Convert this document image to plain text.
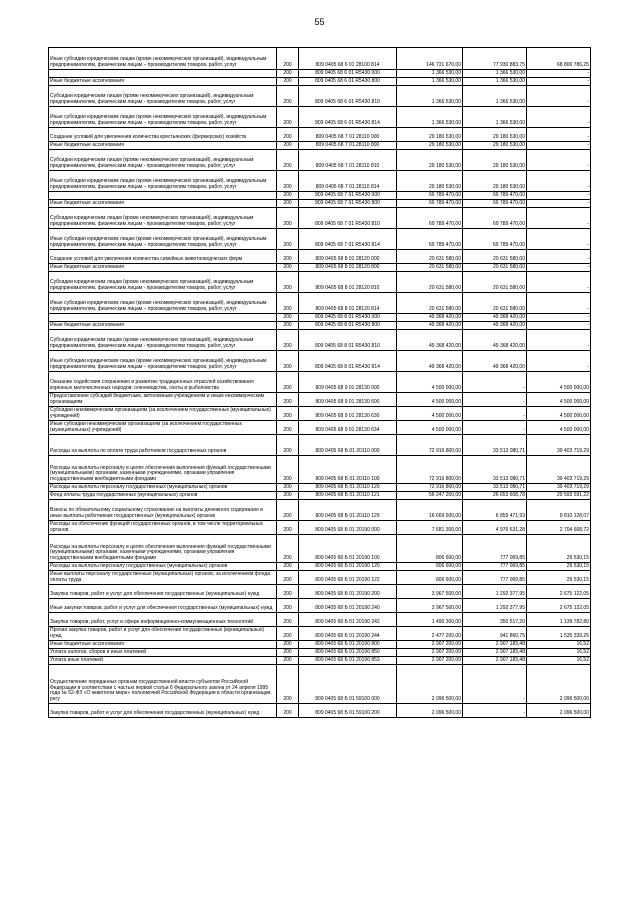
55
Иные субсидии юридическим лицам (кроме некоммерческих организаций), индивидуальным предпринимателям, физическим лицам – производителям товаров, работ, услуг	200	809 0405 68 6 01 28100 814	146 731 670,00	77 930 883,75	68 800 786,25
	200	809 0405 68 6 01 R5430 000	1 366 530,00	1 366 530,00	-
Иные бюджетные ассигнования	200	809 0405 68 6 01 R5430 800	1 366 530,00	1 366 530,00	-
Субсидии юридическим лицам (кроме некоммерческих организаций), индивидуальным предпринимателям, физическим лицам - производителям товаров, работ, услуг	200	809 0405 68 6 01 R5430 810	1 366 530,00	1 366 530,00	-
Иные субсидии юридическим лицам (кроме некоммерческих организаций), индивидуальным предпринимателям, физическим лицам – производителям товаров, работ, услуг	200	809 0405 68 6 01 R5430 814	1 366 530,00	1 366 530,00	-
Создание условий для увеличения количества крестьянских (фермерских) хозяйств	200	809 0405 68 7 01 28110 000	29 180 530,00	29 180 530,00	-
Иные бюджетные ассигнования	200	809 0405 68 7 01 28110 800	29 180 530,00	29 180 530,00	-
Субсидии юридическим лицам (кроме некоммерческих организаций), индивидуальным предпринимателям, физическим лицам - производителям товаров, работ, услуг	200	809 0405 68 7 01 28110 810	29 180 530,00	29 180 530,00	-
Иные субсидии юридическим лицам (кроме некоммерческих организаций), индивидуальным предпринимателям, физическим лицам – производителям товаров, работ, услуг	200	809 0405 68 7 01 28110 814	29 180 530,00	29 180 530,00	-
	200	809 0405 68 7 01 R5430 000	69 789 470,00	69 789 470,00	-
Иные бюджетные ассигнования	200	809 0405 68 7 01 R5430 800	69 789 470,00	69 789 470,00	-
Субсидии юридическим лицам (кроме некоммерческих организаций), индивидуальным предпринимателям, физическим лицам - производителям товаров, работ, услуг	200	809 0405 68 7 01 R5430 810	69 789 470,00	69 789 470,00	-
Иные субсидии юридическим лицам (кроме некоммерческих организаций), индивидуальным предпринимателям, физическим лицам – производителям товаров, работ, услуг	200	809 0405 68 7 01 R5430 814	69 789 470,00	69 789 470,00	-
Создание условий для увеличения количества семейных животноводческих ферм	200	809 0405 68 8 01 28120 000	20 631 580,00	20 631 580,00	-
Иные бюджетные ассигнования	200	809 0405 68 8 01 28120 800	20 631 580,00	20 631 580,00	-
Субсидии юридическим лицам (кроме некоммерческих организаций), индивидуальным предпринимателям, физическим лицам - производителям товаров, работ, услуг	200	809 0405 68 8 01 28120 810	20 631 580,00	20 631 580,00	-
Иные субсидии юридическим лицам (кроме некоммерческих организаций), индивидуальным предпринимателям, физическим лицам – производителям товаров, работ, услуг	200	809 0405 68 8 01 28120 814	20 631 580,00	20 631 580,00	-
	200	809 0405 68 8 01 R5430 000	49 368 420,00	49 368 420,00	-
Иные бюджетные ассигнования	200	809 0405 68 8 01 R5430 800	49 368 420,00	49 368 420,00	-
Субсидии юридическим лицам (кроме некоммерческих организаций), индивидуальным предпринимателям, физическим лицам - производителям товаров, работ, услуг	200	809 0405 68 8 01 R5430 810	49 368 420,00	49 368 420,00	-
Иные субсидии юридическим лицам (кроме некоммерческих организаций), индивидуальным предпринимателям, физическим лицам – производителям товаров, работ, услуг	200	809 0405 68 8 01 R5430 814	49 368 420,00	49 368 420,00	-
Оказание содействия сохранению и развитию традиционных отраслей хозяйствования коренных малочисленных народов: оленеводства, охоты и рыболовства	200	809 0405 68 9 01 28130 000	4 500 000,00	-	4 500 000,00
Предоставление субсидий бюджетным, автономным учреждениям и иным некоммерческим организациям	200	809 0405 68 9 01 28130 600	4 500 000,00	-	4 500 000,00
Субсидии некоммерческим организациям (за исключением государственных (муниципальных) учреждений)	200	809 0405 68 9 01 28130 630	4 500 000,00	-	4 500 000,00
Иные субсидии некоммерческим организациям (за исключением государственных (муниципальных) учреждений)	200	809 0405 68 9 01 28130 634	4 500 000,00	-	4 500 000,00
Расходы на выплаты по оплате труда работников государственных органов	200	809 0405 68 Б 01 20110 000	72 916 800,00	33 513 080,71	39 403 719,29
Расходы на выплаты персоналу в целях обеспечения выполнения функций государственными (муниципальными) органами, казенными учреждениями, органами управления государственными внебюджетными фондами	200	809 0405 68 Б 01 20110 100	72 916 800,00	33 513 080,71	39 403 719,29
Расходы на выплаты персоналу государственных (муниципальных) органов	200	809 0405 68 Б 01 20110 120	72 916 800,00	33 513 080,71	39 403 719,29
Фонд оплаты труда государственных (муниципальных) органов	200	809 0405 68 Б 01 20110 121	56 247 200,00	26 653 608,78	29 593 591,22
Взносы по обязательному социальному страхованию на выплаты денежного содержания и иные выплаты работникам государственных (муниципальных) органов	200	809 0405 68 Б 01 20110 129	16 669 600,00	6 859 471,93	9 810 128,07
Расходы на обеспечение функций государственных органов, в том числе территориальных органов	200	809 0405 68 Б 01 20190 000	7 681 300,00	4 976 631,28	2 704 668,72
Расходы на выплаты персоналу в целях обеспечения выполнения функций государственными (муниципальными) органами, казенными учреждениями, органами управления государственными внебюджетными фондами	200	809 0405 68 Б 01 20190 100	806 600,00	777 069,85	29 530,15
Расходы на выплаты персоналу государственных (муниципальных) органов	200	809 0405 68 Б 01 20190 120	806 600,00	777 069,85	29 530,15
Иные выплаты персоналу государственных (муниципальных) органов, за исключением фонда оплаты труда	200	809 0405 68 Б 01 20190 122	806 600,00	777 069,85	29 530,15
Закупка товаров, работ и услуг для обеспечения государственных (муниципальных) нужд	200	809 0405 68 Б 01 20190 200	3 967 500,00	1 292 377,95	2 675 122,05
Иные закупки товаров, работ и услуг для обеспечения государственных (муниципальных) нужд	200	809 0405 68 Б 01 20190 240	3 967 500,00	1 292 377,95	2 675 122,05
Закупка товаров, работ, услуг в сфере информационно-коммуникационных технологий	200	809 0405 68 Б 01 20190 242	1 490 300,00	350 517,20	1 139 782,80
Прочая закупка товаров, работ и услуг для обеспечения государственных (муниципальных) нужд	200	809 0405 68 Б 01 20190 244	2 477 200,00	941 860,75	1 535 339,25
Иные бюджетные ассигнования	200	809 0405 68 Б 01 20190 800	2 907 200,00	2 907 183,48	16,52
Уплата налогов, сборов и иных платежей	200	809 0405 68 Б 01 20190 850	2 907 200,00	2 907 183,48	16,52
Уплата иных платежей	200	809 0405 68 Б 01 20190 853	2 907 200,00	2 907 183,48	16,52
Осуществление переданных органам государственной власти субъектов Российской Федерации в соответствии с частью первой статьи 6 Федерального закона от 24 апреля 1995 года № 52-ФЗ «О животном мире» полномочий Российской Федерации в области организации, регу	200	809 0405 68 Б 01 59100 000	2 096 500,00	-	2 096 500,00
Закупка товаров, работ и услуг для обеспечения государственных (муниципальных) нужд	200	809 0405 68 Б 01 59100 200	2 096 500,00	-	2 096 500,00
